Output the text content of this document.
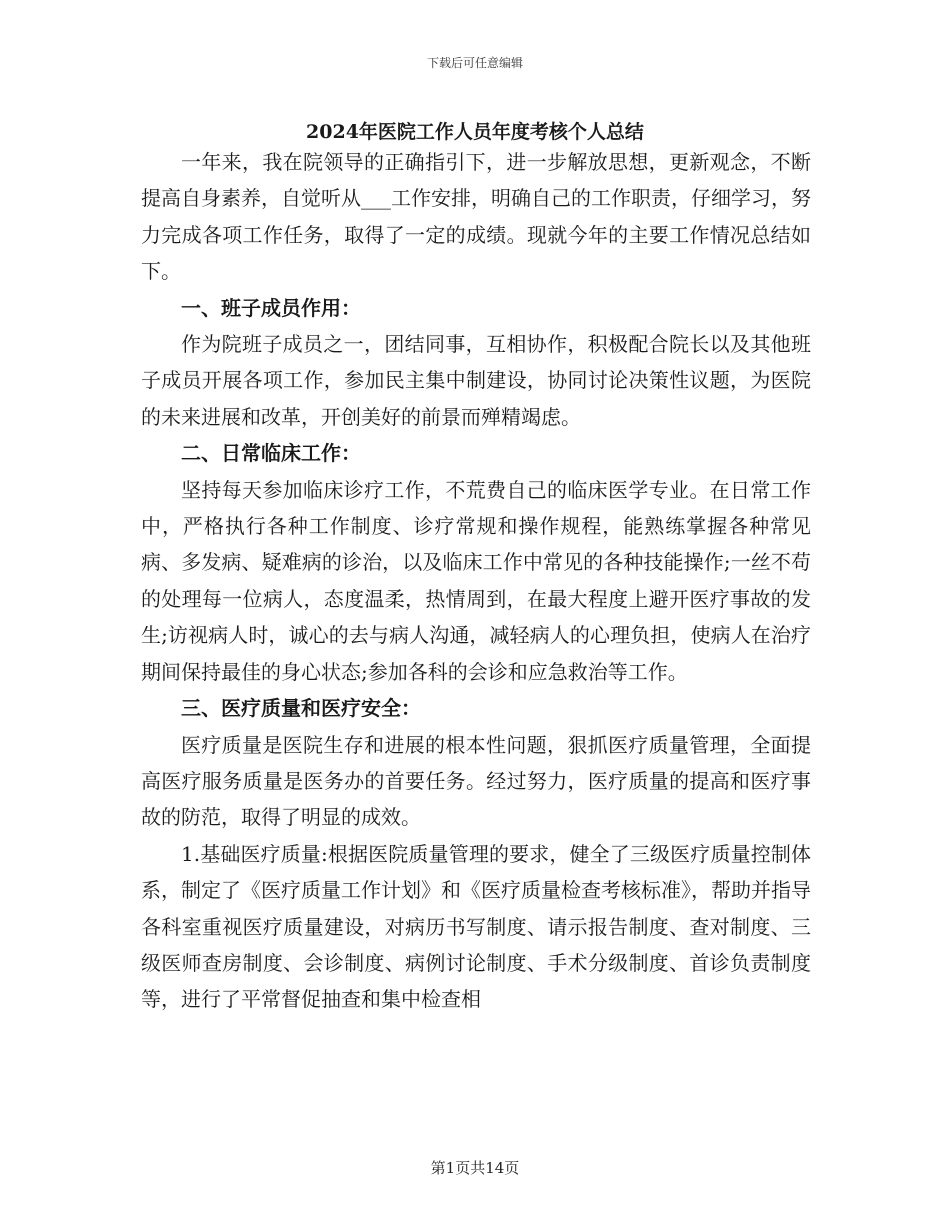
下载后可任意编辑
2024年医院工作人员年度考核个人总结

一年来，我在院领导的正确指引下，进一步解放思想，更新观念，不断提高自身素养，自觉听从___工作安排，明确自己的工作职责，仔细学习，努力完成各项工作任务，取得了一定的成绩。现就今年的主要工作情况总结如下。

一、班子成员作用：

作为院班子成员之一，团结同事，互相协作，积极配合院长以及其他班子成员开展各项工作，参加民主集中制建设，协同讨论决策性议题，为医院的未来进展和改革，开创美好的前景而殚精竭虑。

二、日常临床工作：

坚持每天参加临床诊疗工作，不荒费自己的临床医学专业。在日常工作中，严格执行各种工作制度、诊疗常规和操作规程，能熟练掌握各种常见病、多发病、疑难病的诊治，以及临床工作中常见的各种技能操作;一丝不苟的处理每一位病人，态度温柔，热情周到，在最大程度上避开医疗事故的发生;访视病人时，诚心的去与病人沟通，减轻病人的心理负担，使病人在治疗期间保持最佳的身心状态;参加各科的会诊和应急救治等工作。

三、医疗质量和医疗安全：

医疗质量是医院生存和进展的根本性问题，狠抓医疗质量管理，全面提高医疗服务质量是医务办的首要任务。经过努力，医疗质量的提高和医疗事故的防范，取得了明显的成效。

1.基础医疗质量:根据医院质量管理的要求，健全了三级医疗质量控制体系，制定了《医疗质量工作计划》和《医疗质量检查考核标准》，帮助并指导各科室重视医疗质量建设，对病历书写制度、请示报告制度、查对制度、三级医师查房制度、会诊制度、病例讨论制度、手术分级制度、首诊负责制度等，进行了平常督促抽查和集中检查相

第1页共14页
